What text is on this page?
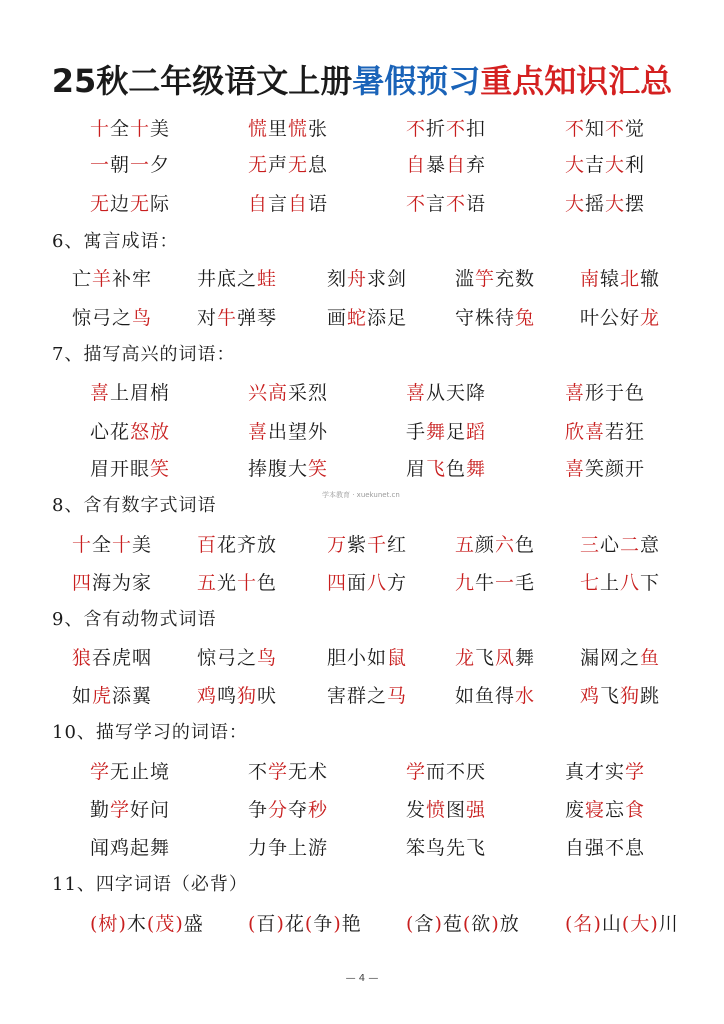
25秋二年级语文上册暑假预习重点知识汇总
十全十美	慌里慌张	不折不扣	不知不觉
一朝一夕	无声无息	自暴自弃	大吉大利
无边无际	自言自语	不言不语	大摇大摆
6、寓言成语：
亡羊补牢 井底之蛙	刻舟求剑	滥竽充数 南辕北辙
惊弓之鸟 对牛弹琴	画蛇添足	守株待兔 叶公好龙
7、描写高兴的词语：
喜上眉梢	兴高采烈	喜从天降	喜形于色
心花怒放	喜出望外	手舞足蹈	欣喜若狂
眉开眼笑	捧腹大笑	眉飞色舞	喜笑颜开
8、含有数字式词语
十全十美 百花齐放	万紫千红	五颜六色 三心二意
四海为家 五光十色	四面八方	九牛一毛 七上八下
9、含有动物式词语
狼吞虎咽 惊弓之鸟	胆小如鼠	龙飞凤舞 漏网之鱼
如虎添翼 鸡鸣狗吠	害群之马	如鱼得水 鸡飞狗跳
10、描写学习的词语：
学无止境	不学无术	学而不厌	真才实学
勤学好问	争分夺秒	发愤图强	废寝忘食
闻鸡起舞	力争上游	笨鸟先飞	自强不息
11、四字词语（必背）
(树)木(茂)盛 (百)花(争)艳 (含)苞(欲)放 (名)山(大)川
学本教育 · xuekunet.cn
— 4 —
